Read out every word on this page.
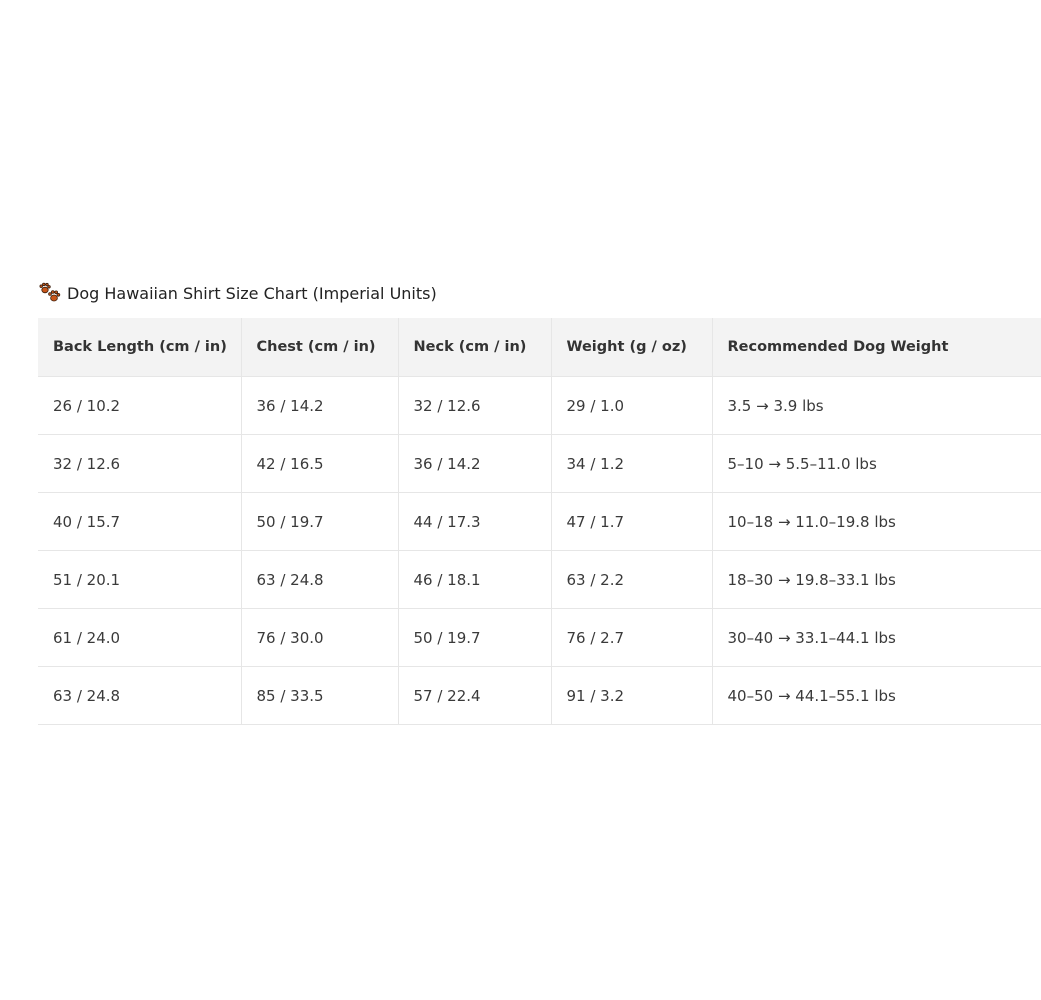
Dog Hawaiian Shirt Size Chart (Imperial Units)
Back Length (cm / in)	Chest (cm / in)	Neck (cm / in)	Weight (g / oz)	Recommended Dog Weight
26 / 10.2	36 / 14.2	32 / 12.6	29 / 1.0	3.5 → 3.9 lbs
32 / 12.6	42 / 16.5	36 / 14.2	34 / 1.2	5–10 → 5.5–11.0 lbs
40 / 15.7	50 / 19.7	44 / 17.3	47 / 1.7	10–18 → 11.0–19.8 lbs
51 / 20.1	63 / 24.8	46 / 18.1	63 / 2.2	18–30 → 19.8–33.1 lbs
61 / 24.0	76 / 30.0	50 / 19.7	76 / 2.7	30–40 → 33.1–44.1 lbs
63 / 24.8	85 / 33.5	57 / 22.4	91 / 3.2	40–50 → 44.1–55.1 lbs
